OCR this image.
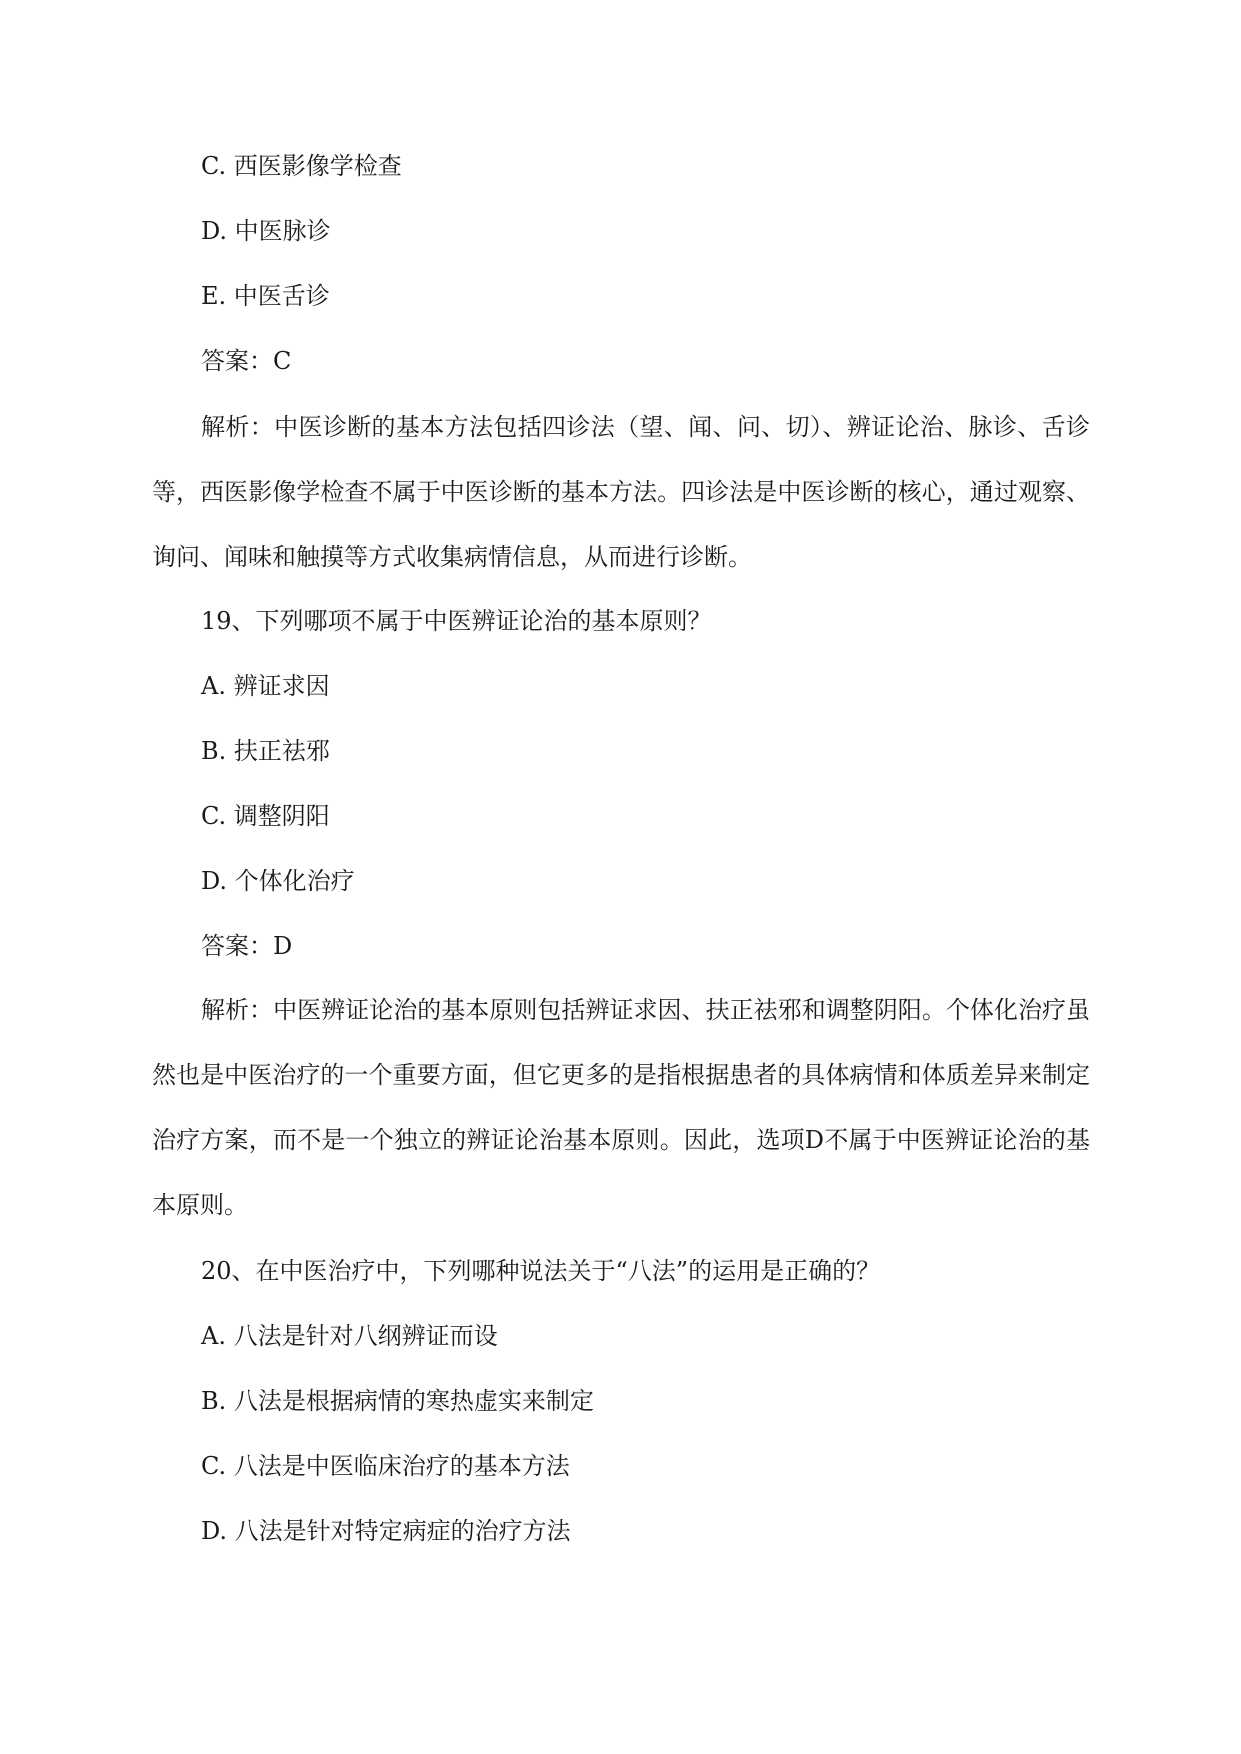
C. 西医影像学检查
D. 中医脉诊
E. 中医舌诊
答案：C
解析：中医诊断的基本方法包括四诊法（望、闻、问、切）、辨证论治、脉诊、舌诊等，西医影像学检查不属于中医诊断的基本方法。四诊法是中医诊断的核心，通过观察、询问、闻味和触摸等方式收集病情信息，从而进行诊断。
19、下列哪项不属于中医辨证论治的基本原则？
A. 辨证求因
B. 扶正祛邪
C. 调整阴阳
D. 个体化治疗
答案：D
解析：中医辨证论治的基本原则包括辨证求因、扶正祛邪和调整阴阳。个体化治疗虽然也是中医治疗的一个重要方面，但它更多的是指根据患者的具体病情和体质差异来制定治疗方案，而不是一个独立的辨证论治基本原则。因此，选项D不属于中医辨证论治的基本原则。
20、在中医治疗中，下列哪种说法关于“八法”的运用是正确的？
A. 八法是针对八纲辨证而设
B. 八法是根据病情的寒热虚实来制定
C. 八法是中医临床治疗的基本方法
D. 八法是针对特定病症的治疗方法
